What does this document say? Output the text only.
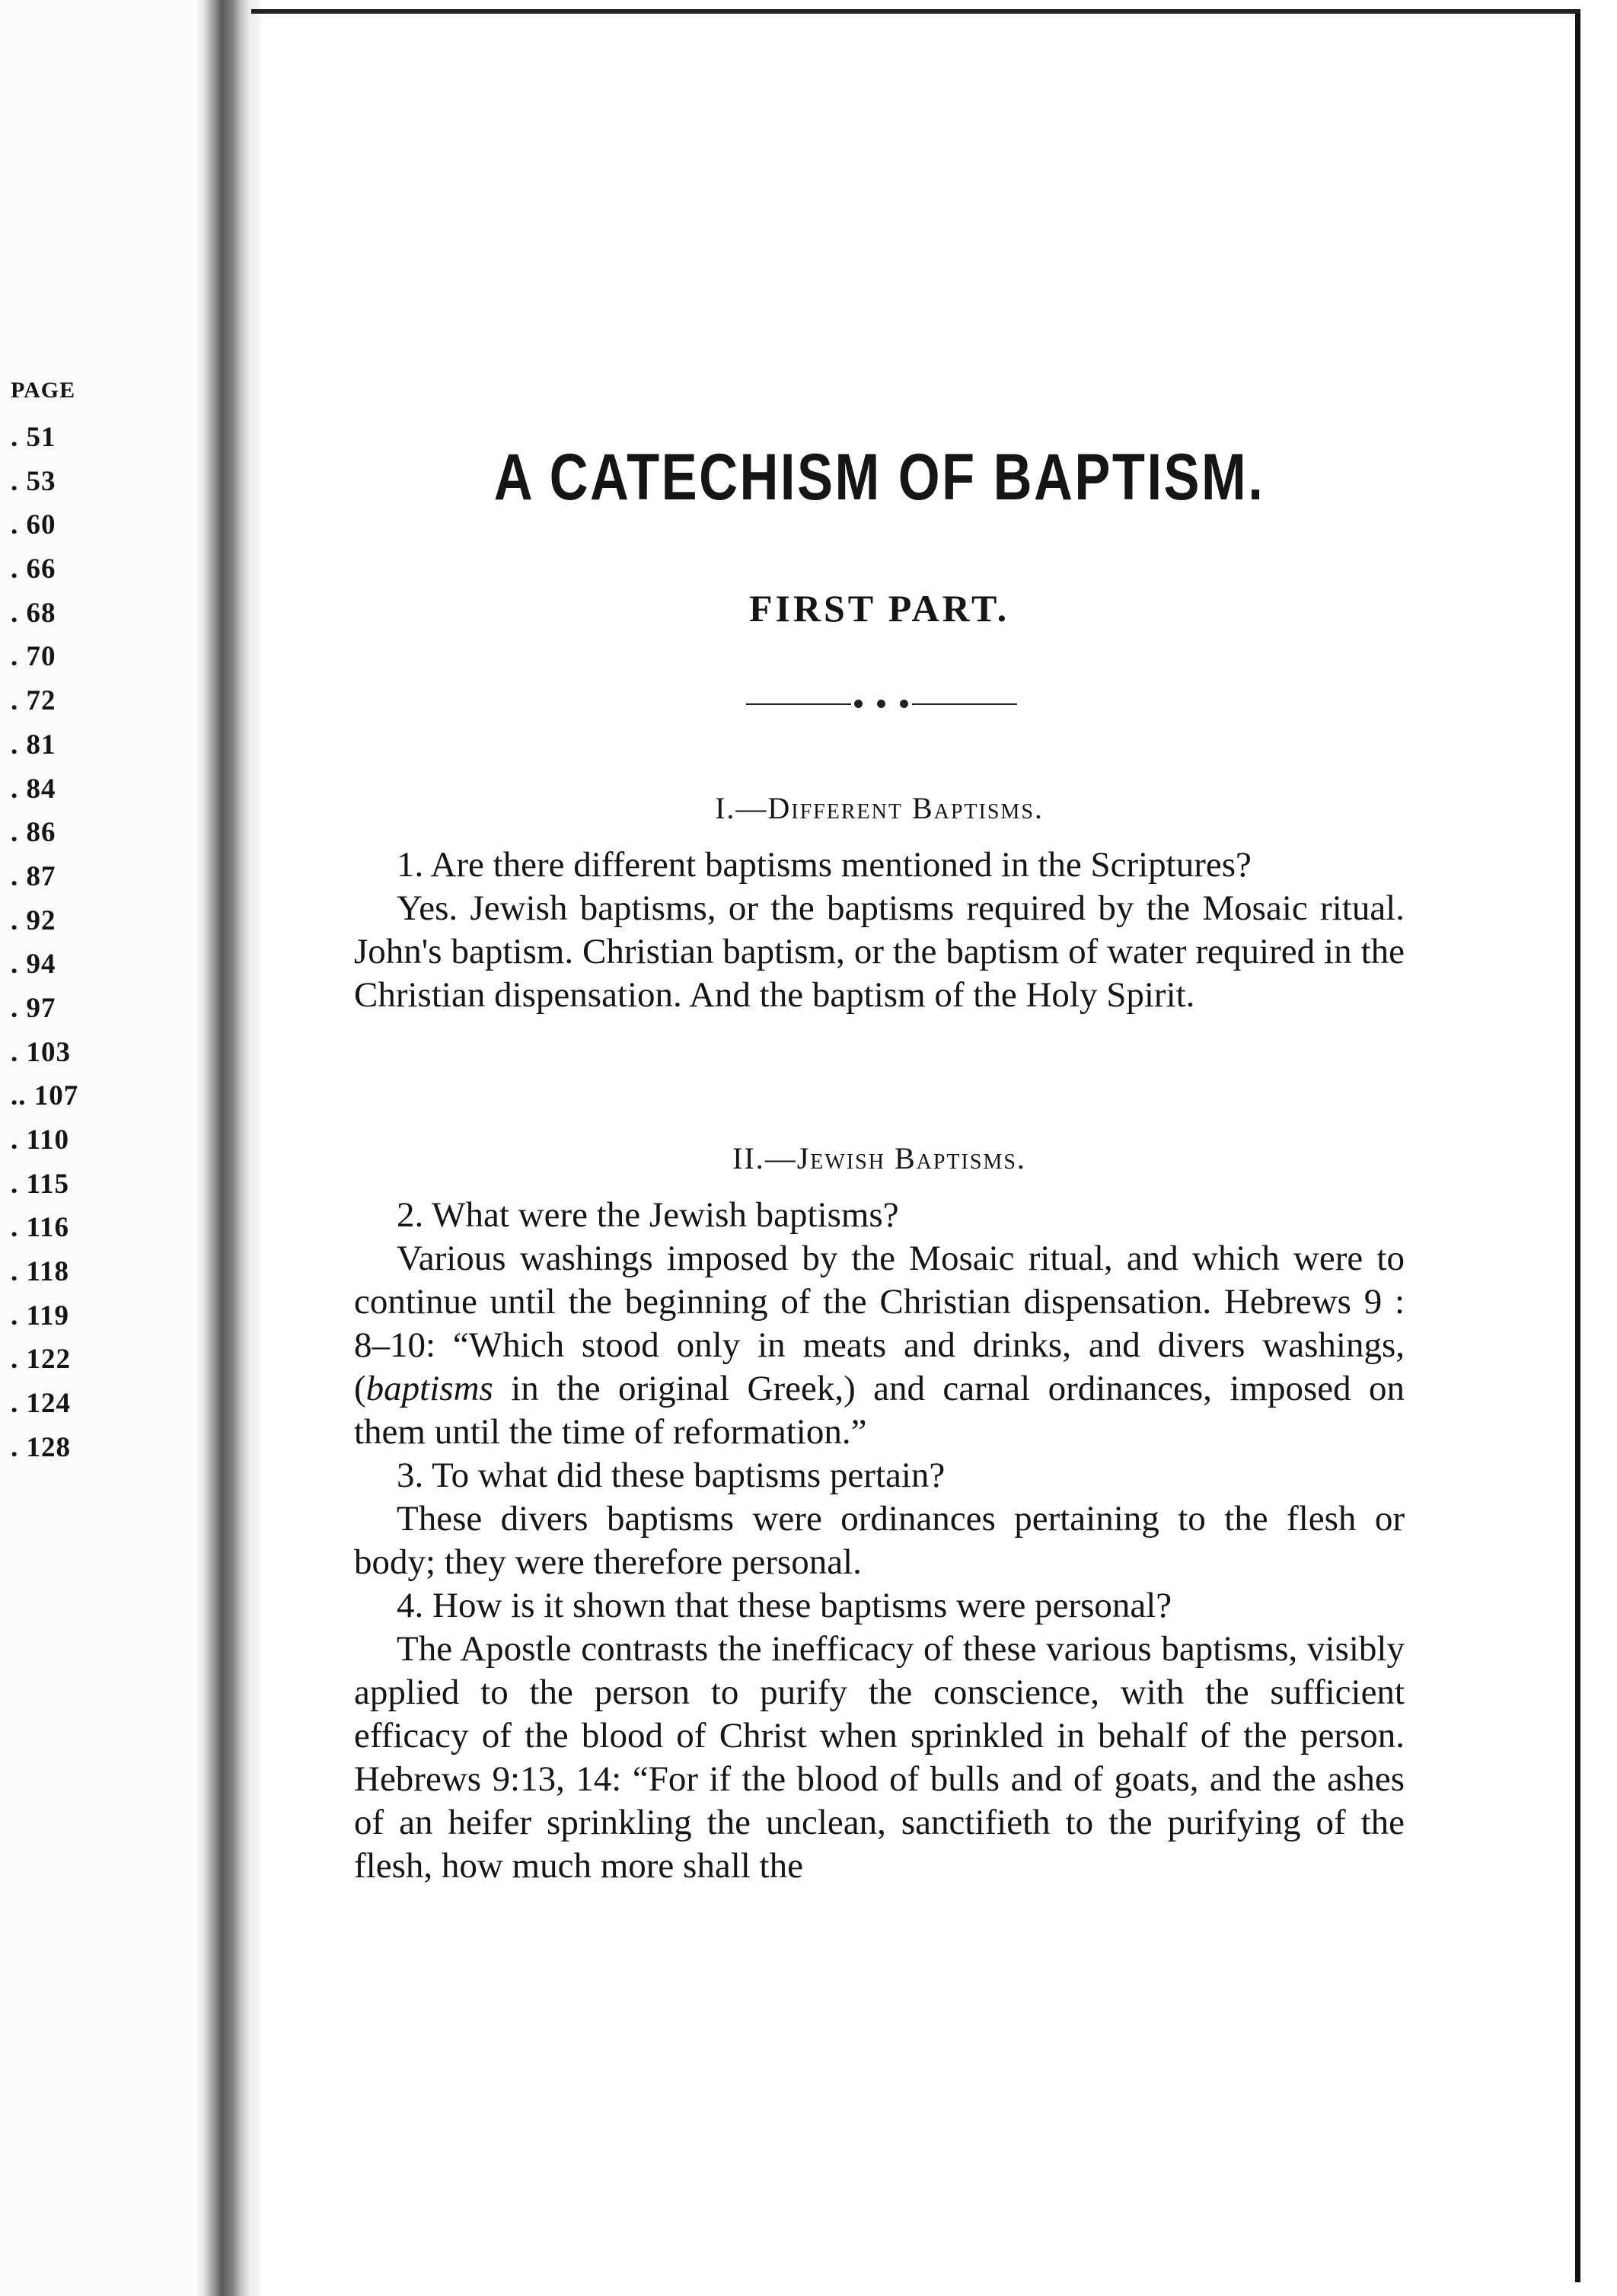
PAGE
. 51
. 53
. 60
. 66
. 68
. 70
. 72
. 81
. 84
. 86
. 87
. 92
. 94
. 97
. 103
.. 107
. 110
. 115
. 116
. 118
. 119
. 122
. 124
. 128
A CATECHISM OF BAPTISM.
FIRST PART.
I.—Different Baptisms.

1. Are there different baptisms mentioned in the Scriptures?

Yes. Jewish baptisms, or the baptisms required by the Mosaic ritual. John's baptism. Christian baptism, or the baptism of water required in the Christian dispensation. And the baptism of the Holy Spirit.

II.—Jewish Baptisms.

2. What were the Jewish baptisms?

Various washings imposed by the Mosaic ritual, and which were to continue until the beginning of the Christian dispensation. Hebrews 9 : 8–10: “Which stood only in meats and drinks, and divers washings, (baptisms in the original Greek,) and carnal ordinances, imposed on them until the time of reformation.”

3. To what did these baptisms pertain?

These divers baptisms were ordinances pertaining to the flesh or body; they were therefore personal.

4. How is it shown that these baptisms were personal?

The Apostle contrasts the inefficacy of these various baptisms, visibly applied to the person to purify the conscience, with the sufficient efficacy of the blood of Christ when sprinkled in behalf of the person. Hebrews 9:13, 14: “For if the blood of bulls and of goats, and the ashes of an heifer sprinkling the unclean, sanctifieth to the purifying of the flesh, how much more shall the
